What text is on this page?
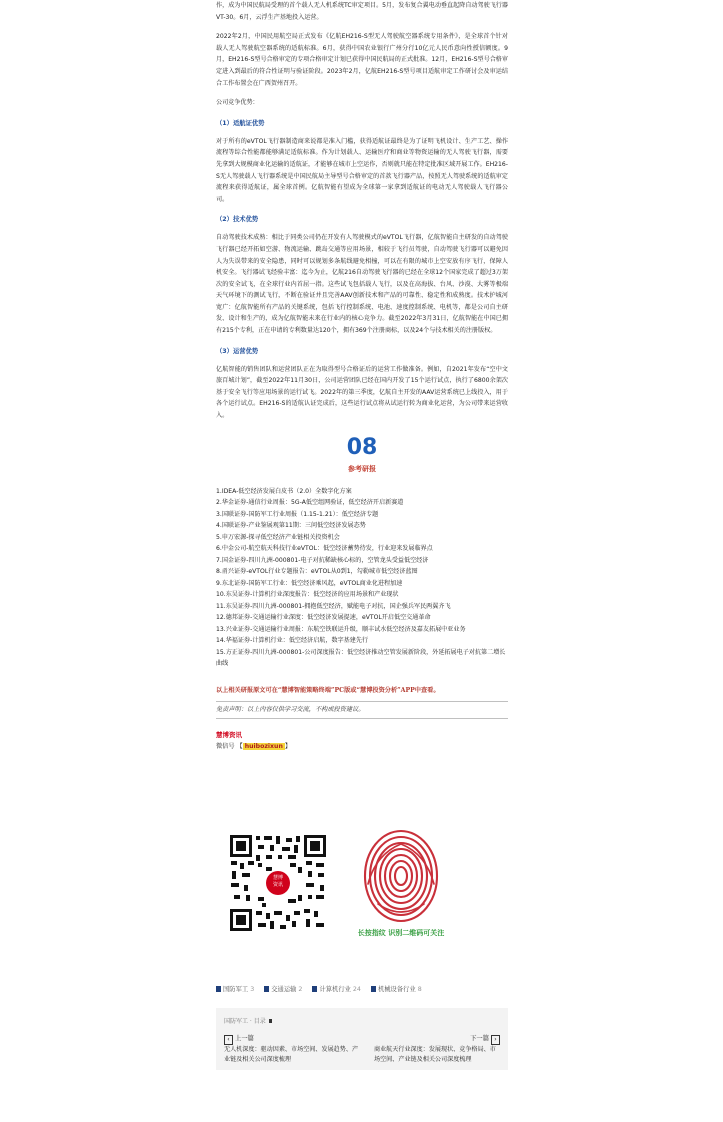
作，成为中国民航局受理的首个载人无人机系统TC审定项目。5月，发布复合翼电动垂直起降自动驾驶飞行器VT-30。6月，云浮生产基地投入运营。

2022年2月，中国民用航空局正式发布《亿航EH216-S型无人驾驶航空器系统专用条件》，是全球首个针对载人无人驾驶航空器系统的适航标准。6月，获得中国农业银行广州分行10亿元人民币意向性授信额度。9月，EH216-S型号合格审定的专项合格审定计划已获得中国民航局的正式批准。12月，EH216-S型号合格审定进入到最后的符合性证明与验证阶段。2023年2月，亿航EH216-S型号项目适航审定工作研讨会及审运结合工作布置会在广西贺州召开。

公司竞争优势：

（1）适航证优势

对于所有的eVTOL飞行器制造商来说都是准入门槛，获得适航证最终是为了证明飞机设计、生产工艺、操作流程等综合性能都能够满足适航标准。作为计划载人、运输医疗和商业等物资运输的无人驾驶飞行器，需要先拿到大规模商业化运输的适航证，才能够在城市上空运作，否则就只能在特定批准区域开展工作。EH216-S无人驾驶载人飞行器系统是中国民航局主导型号合格审定的首款飞行器产品，按照无人驾驶系统的适航审定流程来获得适航证，属全球首例。亿航智能有望成为全球第一家拿到适航证的电动无人驾驶载人飞行器公司。

（2）技术优势

自动驾驶技术成熟：相比于同类公司仍在开发有人驾驶模式的eVTOL飞行器，亿航智能自主研发的自动驾驶飞行器已经开拓如空游、物流运输、跳岛交通等应用场景，相较于飞行员驾驶，自动驾驶飞行器可以避免因人为失误带来的安全隐患，同时可以规划多条航线避免相撞，可以在有限的城市上空安放有序飞行，保障人机安全。飞行器试飞经验丰富：迄今为止，亿航216自动驾驶飞行器的已经在全球12个国家完成了超过3万架次的安全试飞，在全球行业内首屈一指。这些试飞包括载人飞行，以及在高海拔、台风、沙漠、大雾等极端天气环境下的测试飞行，不断在验证并且完善AAV创新技术和产品的可靠性、稳定性和成熟度。技术护城河宽广：亿航智能所有产品的关键系统，包括飞行控制系统、电池、速度控制系统、电机等，都是公司自主研发、设计和生产的，成为亿航智能未来在行业内的核心竞争力。截至2022年3月31日，亿航智能在中国已拥有215个专利，正在申请的专利数量达120个，拥有369个注册商标，以及24个与技术相关的注册版权。

（3）运营优势

亿航智能的销售团队和运营团队正在为取得型号合格证后的运营工作做准备。例如，自2021年发布“空中文旅百城计划”，截至2022年11月30日，公司运营团队已经在国内开发了15个运行试点，执行了6800余架次基于安全飞行等应用场景的运行试飞。2022年的第三季度，亿航自主开发的AAV运营系统已上线投入，用于各个运行试点。EH216-S的适航认证完成后，这些运行试点将从试运行转为商业化运营，为公司带来运营收入。

08

参考研报

1.IDEA-低空经济发展白皮书（2.0）全数字化方案
2.华金证券-通信行业周报：5G-A低空组网验证，低空经济开启新赛道
3.国联证券-国防军工行业周报（1.15-1.21）：低空经济专题
4.国联证券-产业鉴展观第11期：三问低空经济发展态势
5.申万宏源-探寻低空经济产业链相关投资机会
6.中金公司-航空航天科技行业eVTOL：低空经济蓄势待发，行业迎来发展临界点
7.国金证券-四川九洲-000801-电子对抗稀缺核心标的，空管龙头受益低空经济
8.甬兴证券-eVTOL行业专题报告：eVTOL从0到1，勾勒城市低空经济蓝图
9.东北证券-国防军工行业：低空经济乘风起，eVTOL商业化进程加速
10.东吴证券-计算机行业深度报告：低空经济的应用场景和产业现状
11.东吴证券-四川九洲-000801-拥抱低空经济，赋能电子对抗，国企强兵军民两翼齐飞
12.德邦证券-交通运输行业深度：低空经济发展提速，eVTOL开启低空交通革命
13.兴业证券-交通运输行业周报：东航空铁联运升级，顺丰试水低空经济及嘉友拓展中亚业务
14.华福证券-计算机行业：低空经济启航，数字基建先行
15.方正证券-四川九洲-000801-公司深度报告：低空经济推动空管发展新阶段，外延拓展电子对抗第二增长曲线

以上相关研报原文可在“慧博智能策略终端”PC版或“慧博投资分析”APP中查看。

免责声明：以上内容仅供学习交流，不构成投资建议。

慧博资讯

微信号 【 huibozixun 】

慧博
资讯
长按指纹 识别二维码可关注
国防军工 3	交通运输 2	计算机行业 24	机械设备行业 8
国防军工 · 目录
‹ 上一篇
无人机深度：驱动因素、市场空间、发展趋势、产业链及相关公司深度梳理
下一篇 ›
商业航天行业深度：发展现状、竞争格局、市场空间、产业链及相关公司深度梳理
